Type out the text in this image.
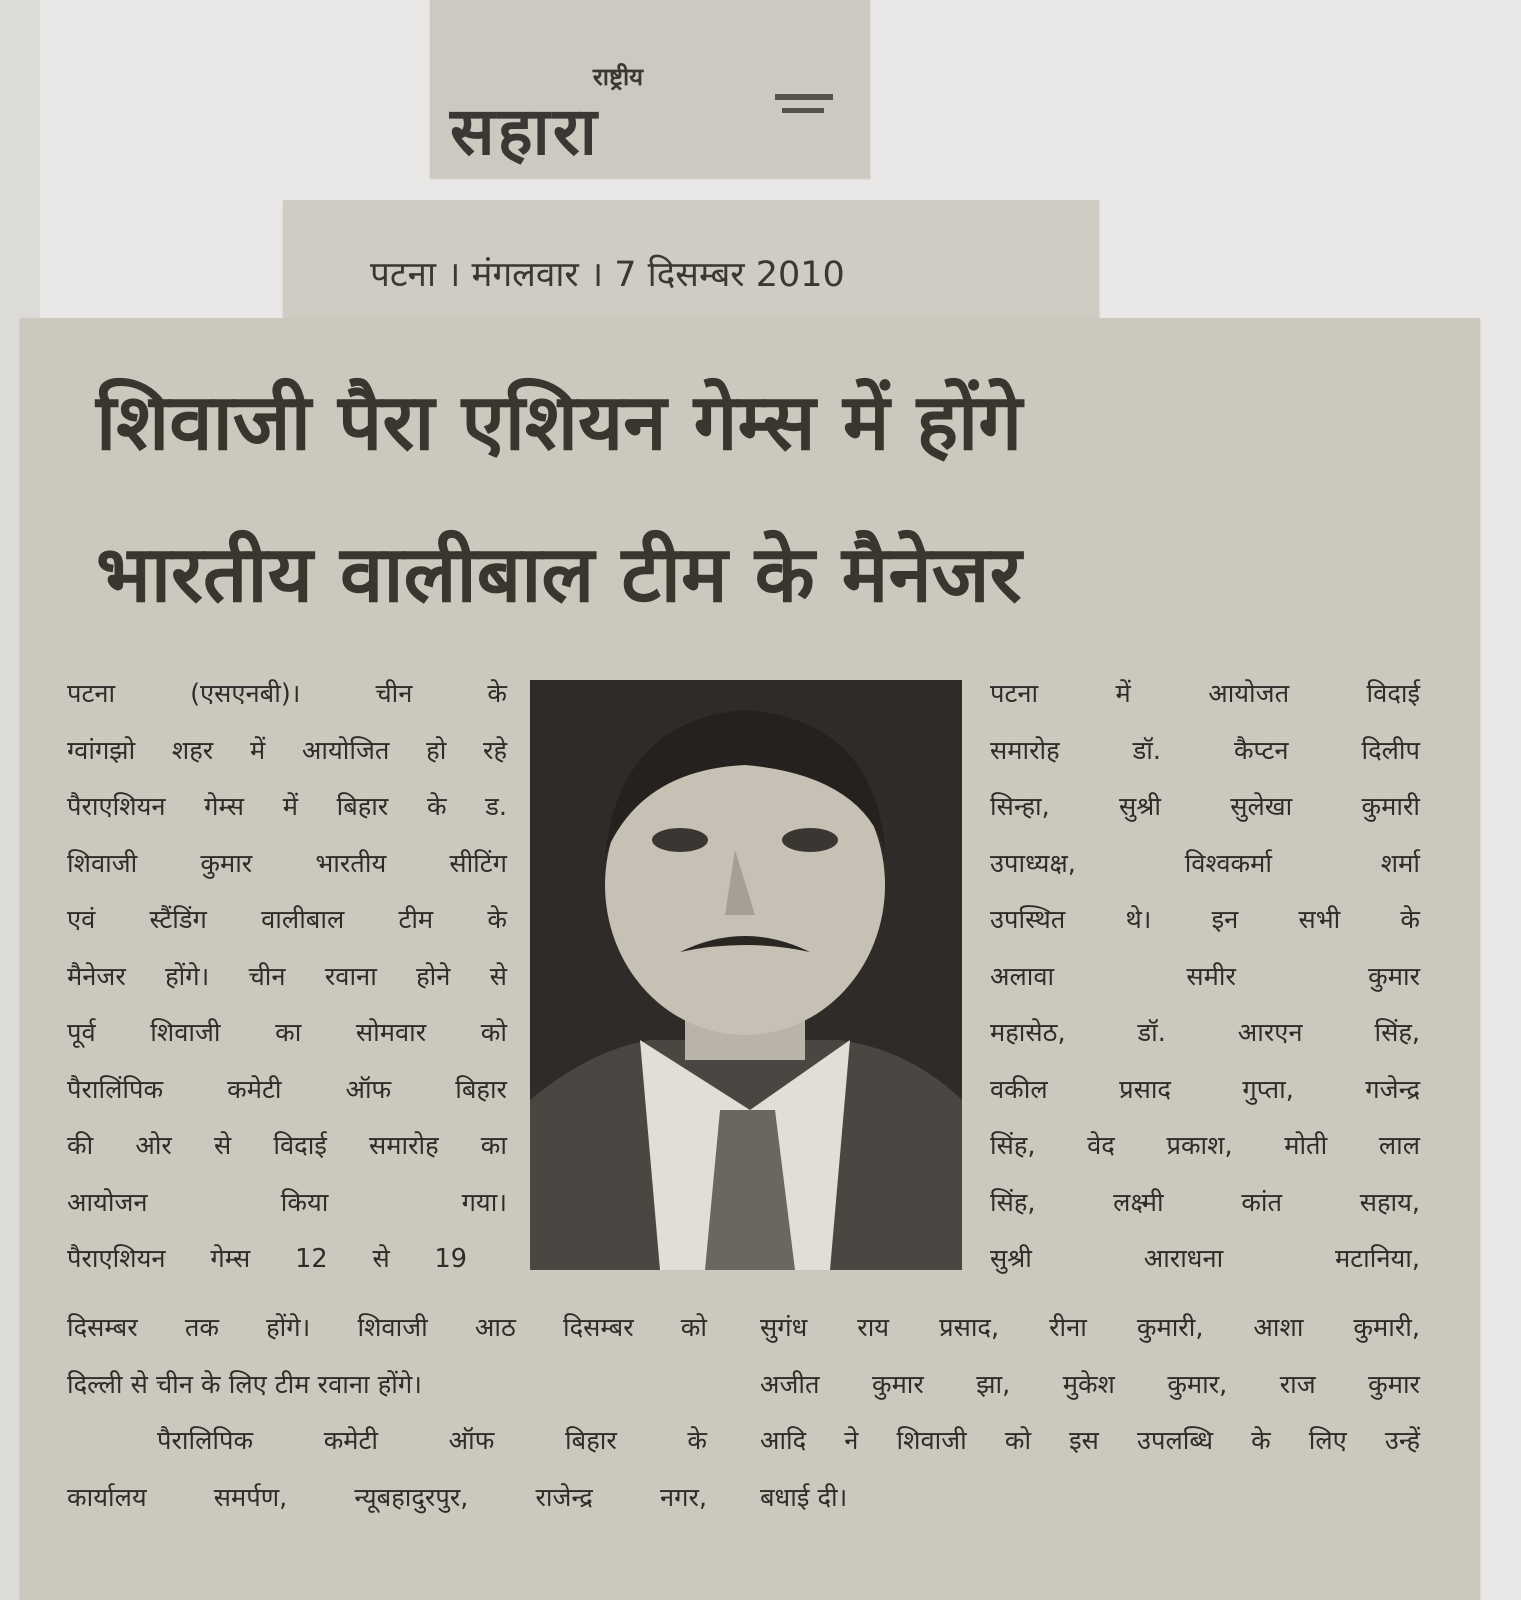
राष्ट्रीय
सहारा
पटना । मंगलवार । 7 दिसम्बर 2010
शिवाजी पैरा एशियन गेम्स में होंगे
भारतीय वालीबाल टीम के मैनेजर
पटना (एसएनबी)। चीन के
ग्वांगझो शहर में आयोजित हो रहे
पैराएशियन गेम्स में बिहार के ड.
शिवाजी कुमार भारतीय सीटिंग
एवं स्टैंडिंग वालीबाल टीम के
मैनेजर होंगे। चीन रवाना होने से
पूर्व शिवाजी का सोमवार को
पैरालिंपिक कमेटी ऑफ बिहार
की ओर से विदाई समारोह का
आयोजन किया गया।
पैराएशियन गेम्स 12 से 19
पटना में आयोजत विदाई
समारोह डॉ. कैप्टन दिलीप
सिन्हा, सुश्री सुलेखा कुमारी
उपाध्यक्ष, विश्वकर्मा शर्मा
उपस्थित थे। इन सभी के
अलावा समीर कुमार
महासेठ, डॉ. आरएन सिंह,
वकील प्रसाद गुप्ता, गजेन्द्र
सिंह, वेद प्रकाश, मोती लाल
सिंह, लक्ष्मी कांत सहाय,
सुश्री आराधना मटानिया,
दिसम्बर तक होंगे। शिवाजी आठ दिसम्बर को
दिल्ली से चीन के लिए टीम रवाना होंगे।
पैरालिपिक कमेटी ऑफ बिहार के
कार्यालय समर्पण, न्यूबहादुरपुर, राजेन्द्र नगर,
सुगंध राय प्रसाद, रीना कुमारी, आशा कुमारी,
अजीत कुमार झा, मुकेश कुमार, राज कुमार
आदि ने शिवाजी को इस उपलब्धि के लिए उन्हें
बधाई दी।
